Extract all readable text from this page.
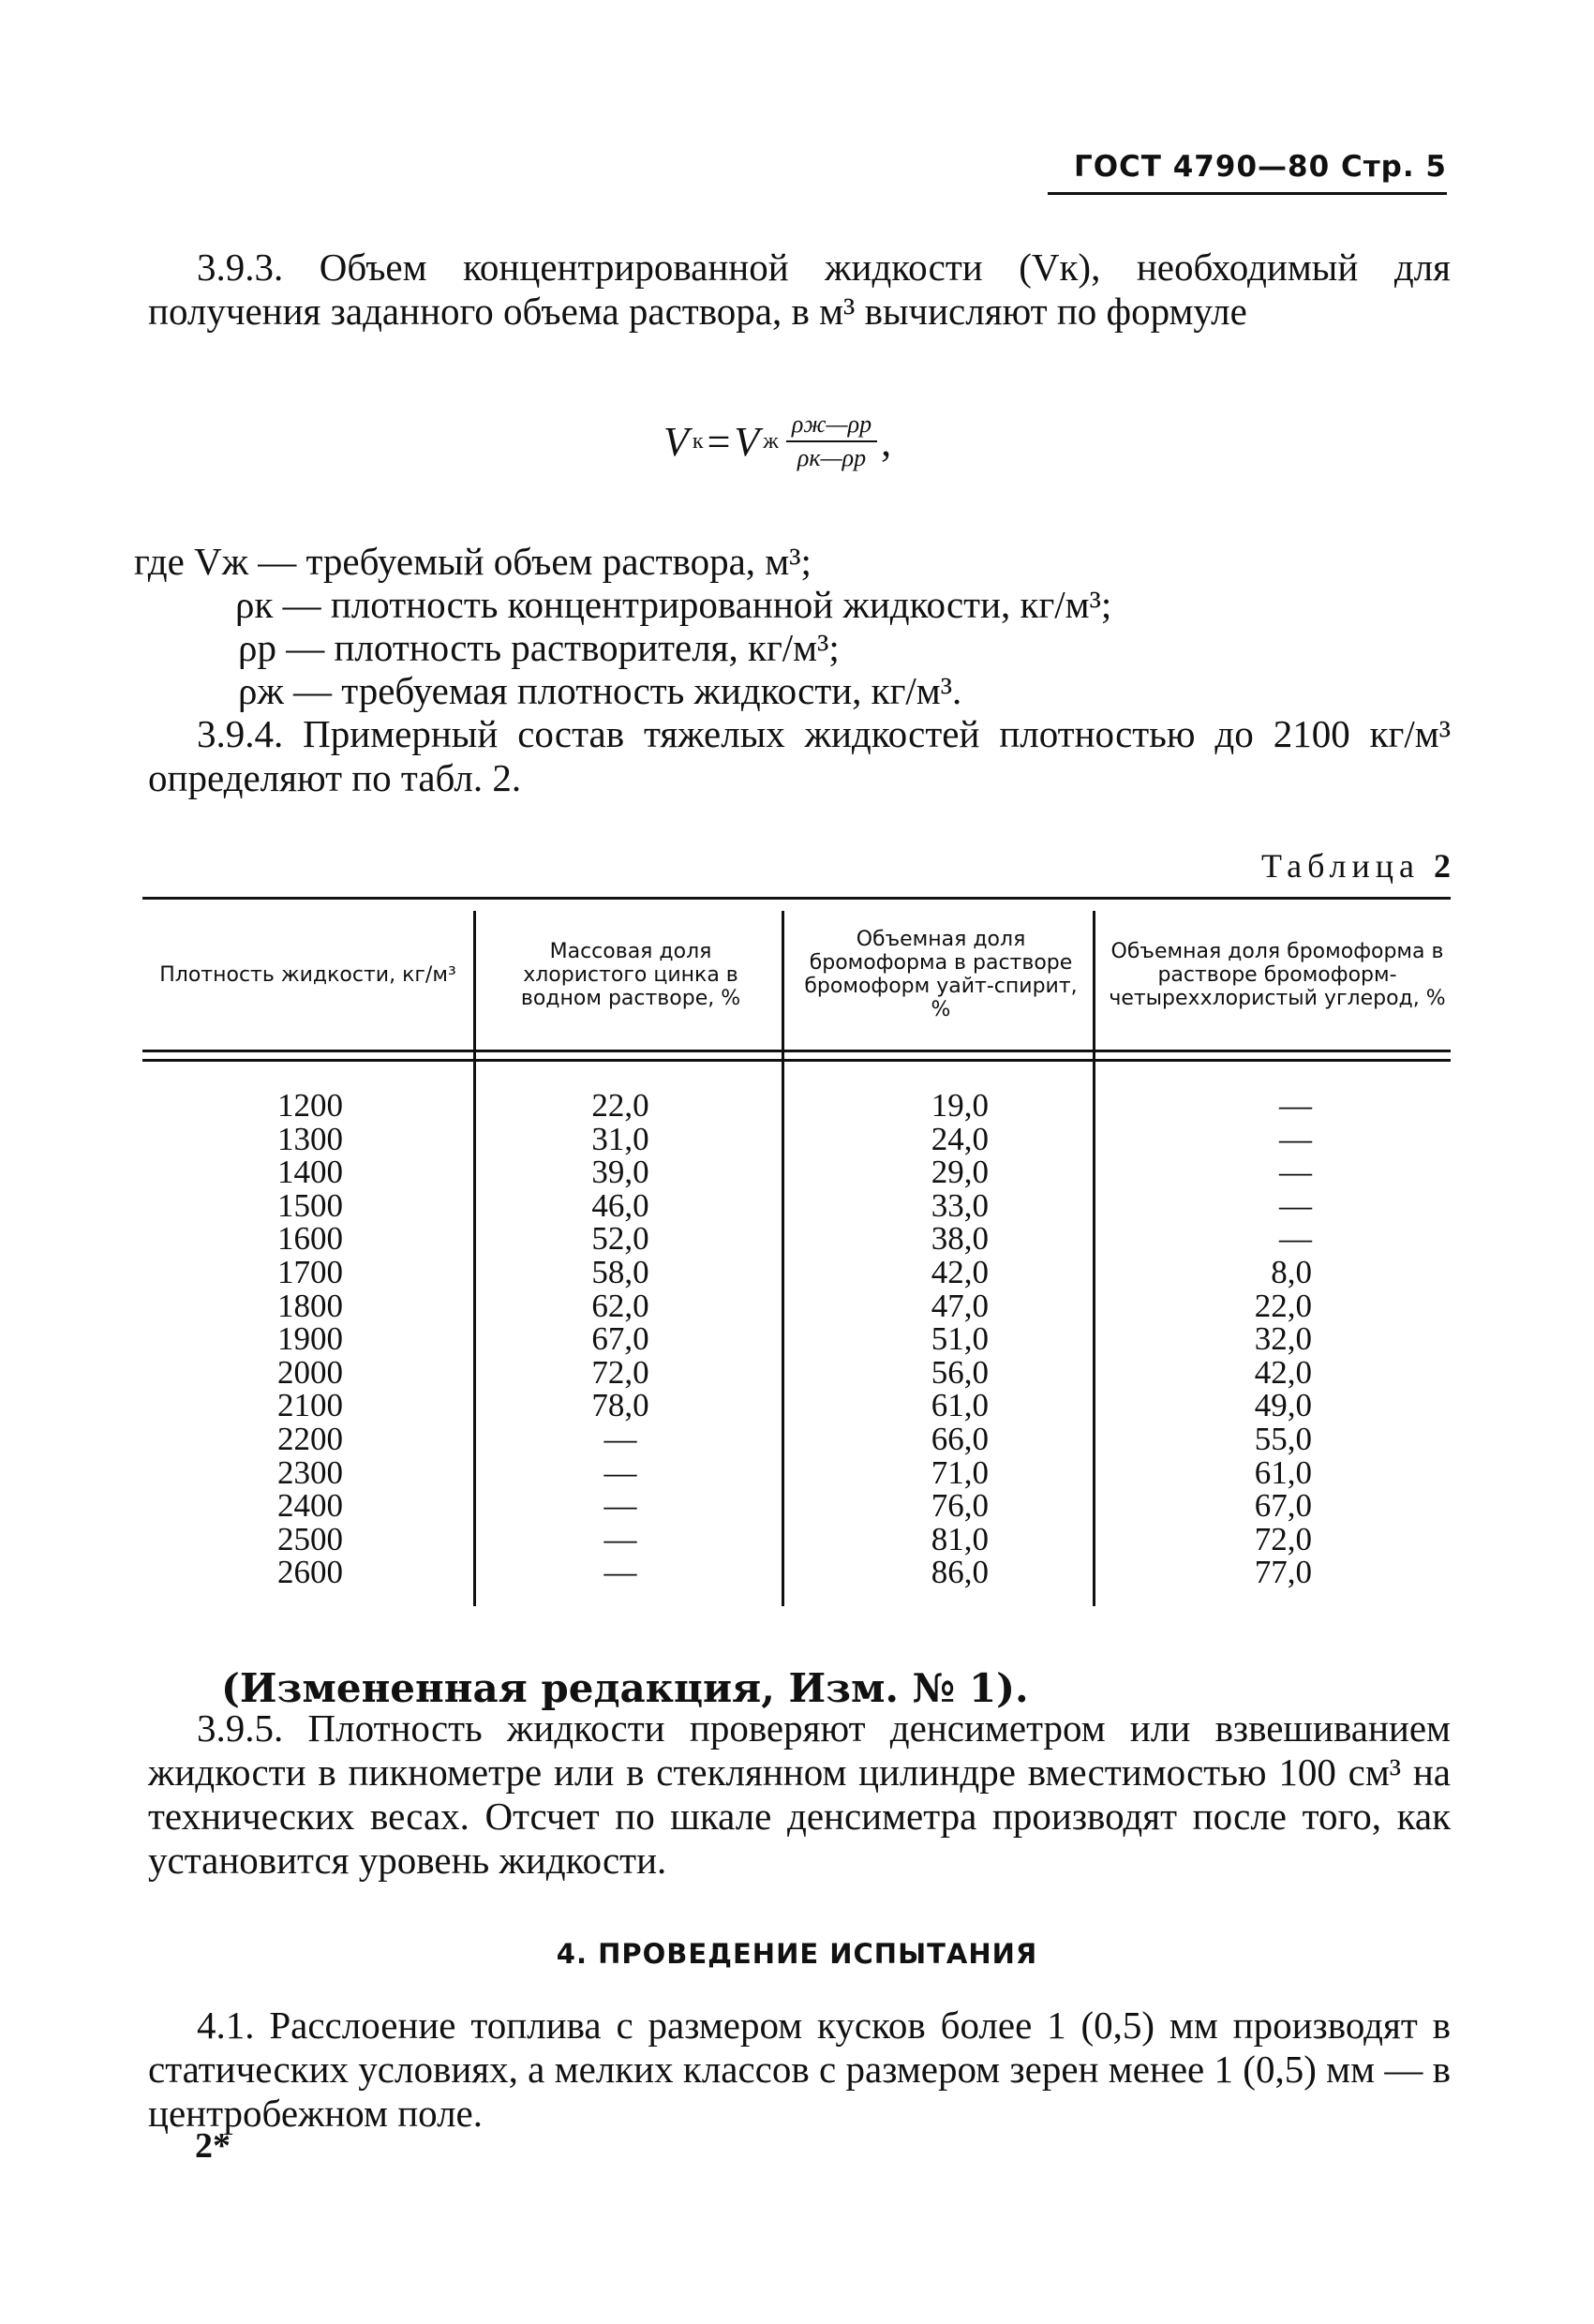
ГОСТ 4790—80 Стр. 5

3.9.3. Объем концентрированной жидкости (Vк), необходимый для получения заданного объема раствора, в м³ вычисляют по формуле

V к = V ж $\frac{\rho ж—\rho р}{\rho к—\rho р}$ ,
где Vж — требуемый объем раствора, м³;
ρк — плотность концентрированной жидкости, кг/м³;
ρр — плотность растворителя, кг/м³;
ρж — требуемая плотность жидкости, кг/м³.

3.9.4. Примерный состав тяжелых жидкостей плотностью до 2100 кг/м³ определяют по табл. 2.

Таблица 2
Плотность жидкости, кг/м³
Массовая доля хлористого цинка в водном растворе, %
Объемная доля бромоформа в растворе бромоформ уайт-спирит, %
Объемная доля бромоформа в растворе бромоформ-четыреххлористый углерод, %
1200
1300
1400
1500
1600
1700
1800
1900
2000
2100
2200
2300
2400
2500
2600
22,0
31,0
39,0
46,0
52,0
58,0
62,0
67,0
72,0
78,0
—
—
—
—
—
19,0
24,0
29,0
33,0
38,0
42,0
47,0
51,0
56,0
61,0
66,0
71,0
76,0
81,0
86,0
—
—
—
—
—
8,0
22,0
32,0
42,0
49,0
55,0
61,0
67,0
72,0
77,0
(Измененная редакция, Изм. № 1).

3.9.5. Плотность жидкости проверяют денсиметром или взвешиванием жидкости в пикнометре или в стеклянном цилиндре вместимостью 100 см³ на технических весах. Отсчет по шкале денсиметра производят после того, как установится уровень жидкости.

4. ПРОВЕДЕНИЕ ИСПЫТАНИЯ

4.1. Расслоение топлива с размером кусков более 1 (0,5) мм производят в статических условиях, а мелких классов с размером зерен менее 1 (0,5) мм — в центробежном поле.

2*
